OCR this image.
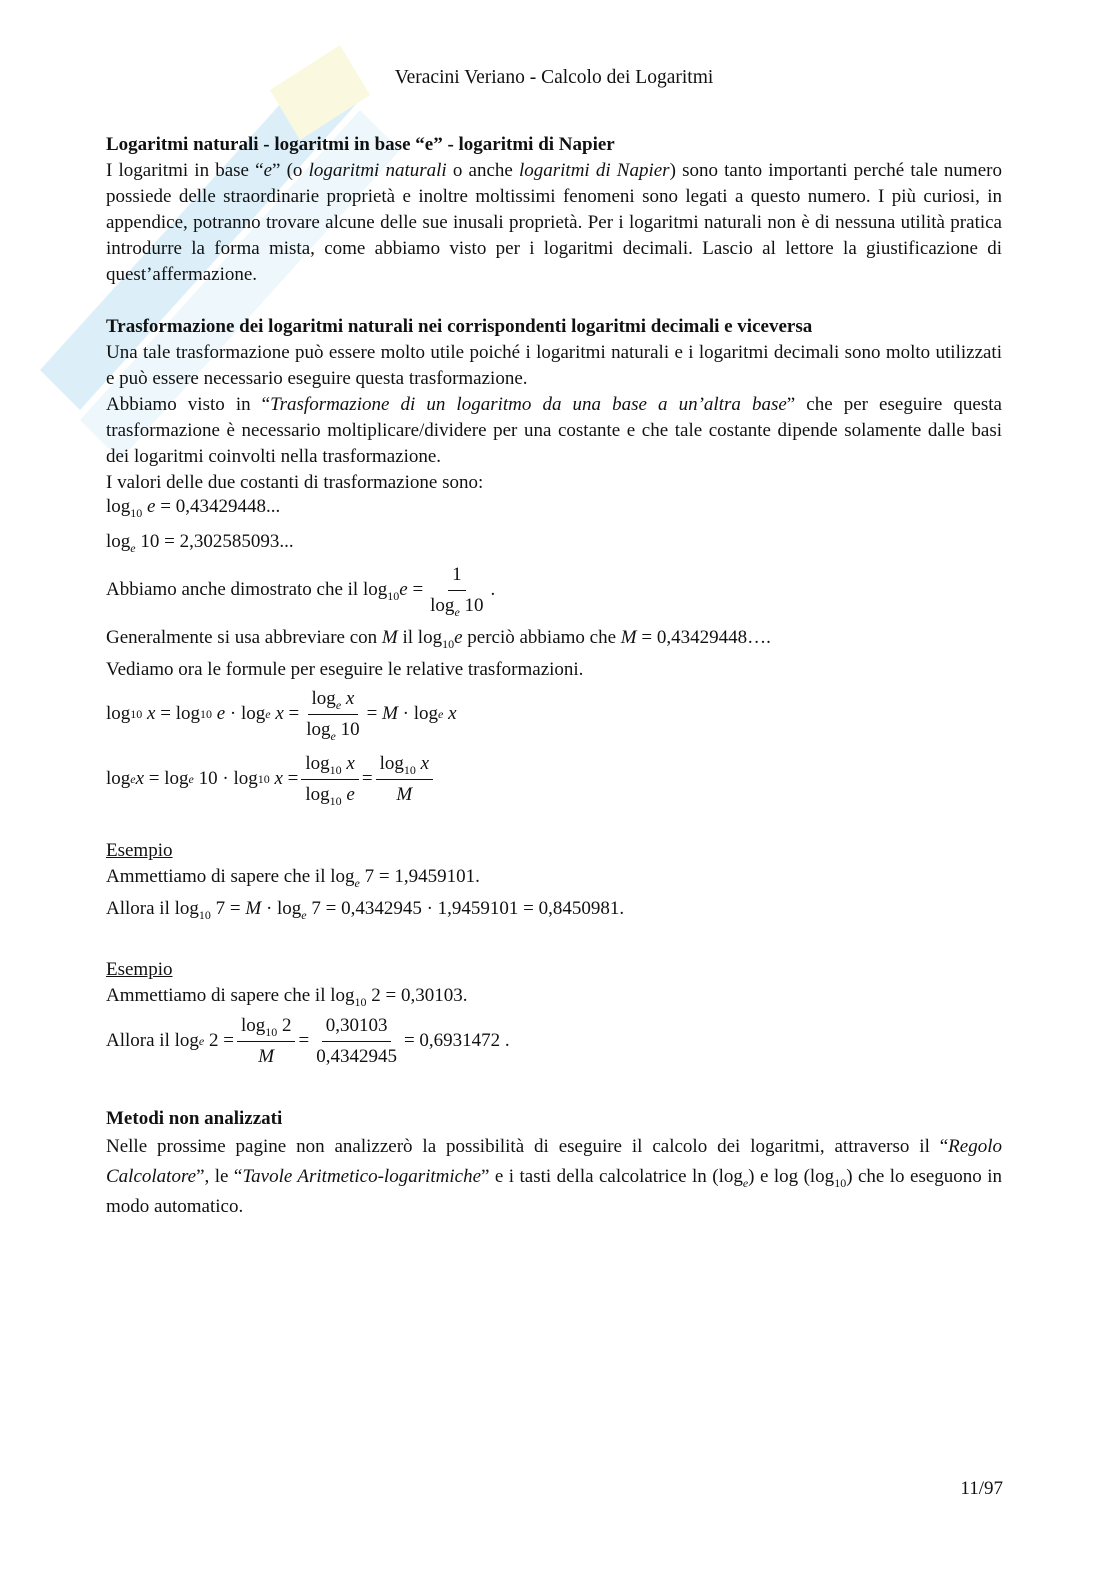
Veracini Veriano - Calcolo dei Logaritmi
Logaritmi naturali - logaritmi in base “e” - logaritmi di Napier
I logaritmi in base “e” (o logaritmi naturali o anche logaritmi di Napier) sono tanto importanti perché tale numero possiede delle straordinarie proprietà e inoltre moltissimi fenomeni sono legati a questo numero. I più curiosi, in appendice, potranno trovare alcune delle sue inusali proprietà. Per i logaritmi naturali non è di nessuna utilità pratica introdurre la forma mista, come abbiamo visto per i logaritmi decimali. Lascio al lettore la giustificazione di quest’affermazione.
Trasformazione dei logaritmi naturali nei corrispondenti logaritmi decimali e viceversa
Una tale trasformazione può essere molto utile poiché i logaritmi naturali e i logaritmi decimali sono molto utilizzati e può essere necessario eseguire questa trasformazione.
Abbiamo visto in “Trasformazione di un logaritmo da una base a un’altra base” che per eseguire questa trasformazione è necessario moltiplicare/dividere per una costante e che tale costante dipende solamente dalle basi dei logaritmi coinvolti nella trasformazione.
I valori delle due costanti di trasformazione sono:
$\log_{10} e = 0,43429448$...
$\log_e 10 = 2,302585093$...
Abbiamo anche dimostrato che il
$\log_{10}e = \frac{1}{\log_e 10}$ .
Generalmente si usa abbreviare con M il $\log_{10}e$ perciò abbiamo che M = 0,43429448….
Vediamo ora le formule per eseguire le relative trasformazioni.
log 10
x = log 10
e · log e
$x = \frac{\log_e x}{\log_e 10} = M \cdot \log e$
x
log e x = log e
10 · log 10
$x = \frac{\log_{10} x}{\log_{10} e} = \frac{\log_{10} x}{M}$
Esempio
Ammettiamo di sapere che il $\log_e 7 = 1,9459101$.
Allora il $\log_{10} 7 = M \cdot \log_e 7 = 0,4342945 \cdot 1,9459101 = 0,8450981$.
Esempio
Ammettiamo di sapere che il $\log_{10} 2 = 0,30103$.
Allora il
log e
$2 = \frac{\log_{10} 2}{M} = \frac{0,30103}{0,4342945} = 0,6931472$ .
Metodi non analizzati
Nelle prossime pagine non analizzerò la possibilità di eseguire il calcolo dei logaritmi, attraverso il “Regolo Calcolatore”, le “Tavole Aritmetico-logaritmiche” e i tasti della calcolatrice $\ln (\log_e)$ e $\log (\log_{10})$ che lo eseguono in modo automatico.
11/97
